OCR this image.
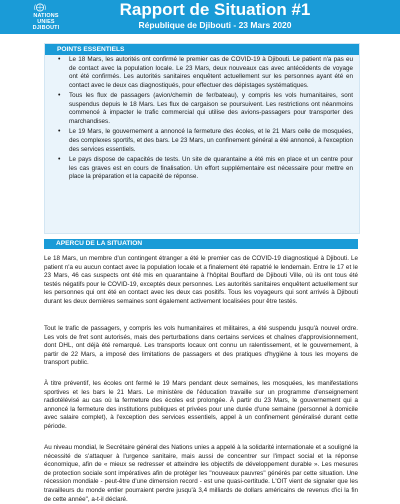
NATIONS
UNIES
DJIBOUTI
Rapport de Situation #1
République de Djibouti - 23 Mars 2020
POINTS ESSENTIELS
• Le 18 Mars, les autorités ont confirmé le premier cas de COVID-19 à Djibouti. Le patient n'a pas eu de contact avec la population locale. Le 23 Mars, deux nouveaux cas avec antécédents de voyage ont été confirmés. Les autorités sanitaires enquêtent actuellement sur les personnes ayant été en contact avec le deux cas diagnostiqués, pour effectuer des dépistages systématiques.
• Tous les flux de passagers (avion/chemin de fer/bateau), y compris les vols humanitaires, sont suspendus depuis le 18 Mars. Les flux de cargaison se poursuivent. Les restrictions ont néanmoins commencé à impacter le trafic commercial qui utilise des avions-passagers pour transporter des marchandises.
• Le 19 Mars, le gouvernement a annoncé la fermeture des écoles, et le 21 Mars celle de mosquées, des complexes sportifs, et des bars. Le 23 Mars, un confinement général a été annoncé, à l'exception des services essentiels.
• Le pays dispose de capacités de tests. Un site de quarantaine a été mis en place et un centre pour les cas graves est en cours de finalisation. Un effort supplémentaire est nécessaire pour mettre en place la préparation et la capacité de réponse.
APERCU DE LA SITUATION

Le 18 Mars, un membre d'un contingent étranger a été le premier cas de COVID-19 diagnostiqué à Djibouti. Le patient n'a eu aucun contact avec la population locale et a finalement été rapatrié le lendemain. Entre le 17 et le 23 Mars, 46 cas suspects ont été mis en quarantaine à l'hôpital Bouffard de Djibouti Ville, où ils ont tous été testés négatifs pour le COVID-19, exceptés deux personnes. Les autorités sanitaires enquêtent actuellement sur les personnes qui ont été en contact avec les deux cas positifs. Tous les voyageurs qui sont arrivés à Djibouti durant les deux dernières semaines sont également activement localisées pour être testés.

Tout le trafic de passagers, y compris les vols humanitaires et militaires, a été suspendu jusqu'à nouvel ordre. Les vols de fret sont autorisés, mais des perturbations dans certains services et chaînes d'approvisionnement, dont DHL, ont déjà été remarqué. Les transports locaux ont connu un ralentissement, et le gouvernement, à partir de 22 Mars, a imposé des limitations de passagers et des pratiques d'hygiène à tous les moyens de transport public.

À titre préventif, les écoles ont fermé le 19 Mars pendant deux semaines, les mosquées, les manifestations sportives et les bars le 21 Mars. Le ministère de l'éducation travaille sur un programme d'enseignement radiotélévisé au cas où la fermeture des écoles est prolongée. À partir du 23 Mars, le gouvernement qui a annoncé la fermeture des institutions publiques et privées pour une durée d'une semaine (personnel à domicile avec salaire complet), à l'exception des services essentiels, appel à un confinement généralisé durant cette période.

Au niveau mondial, le Secrétaire général des Nations unies a appelé à la solidarité internationale et a souligné la nécessité de s'attaquer à l'urgence sanitaire, mais aussi de concentrer sur l'impact social et la réponse économique, afin de « mieux se redresser et atteindre les objectifs de développement durable ». Les mesures de protection sociale sont impératives afin de protéger les "nouveaux pauvres" générés par cette situation. Une récession mondiale - peut-être d'une dimension record - est une quasi-certitude. L'OIT vient de signaler que les travailleurs du monde entier pourraient perdre jusqu'à 3,4 milliards de dollars américains de revenus d'ici la fin de cette année", a-t-il déclaré.
